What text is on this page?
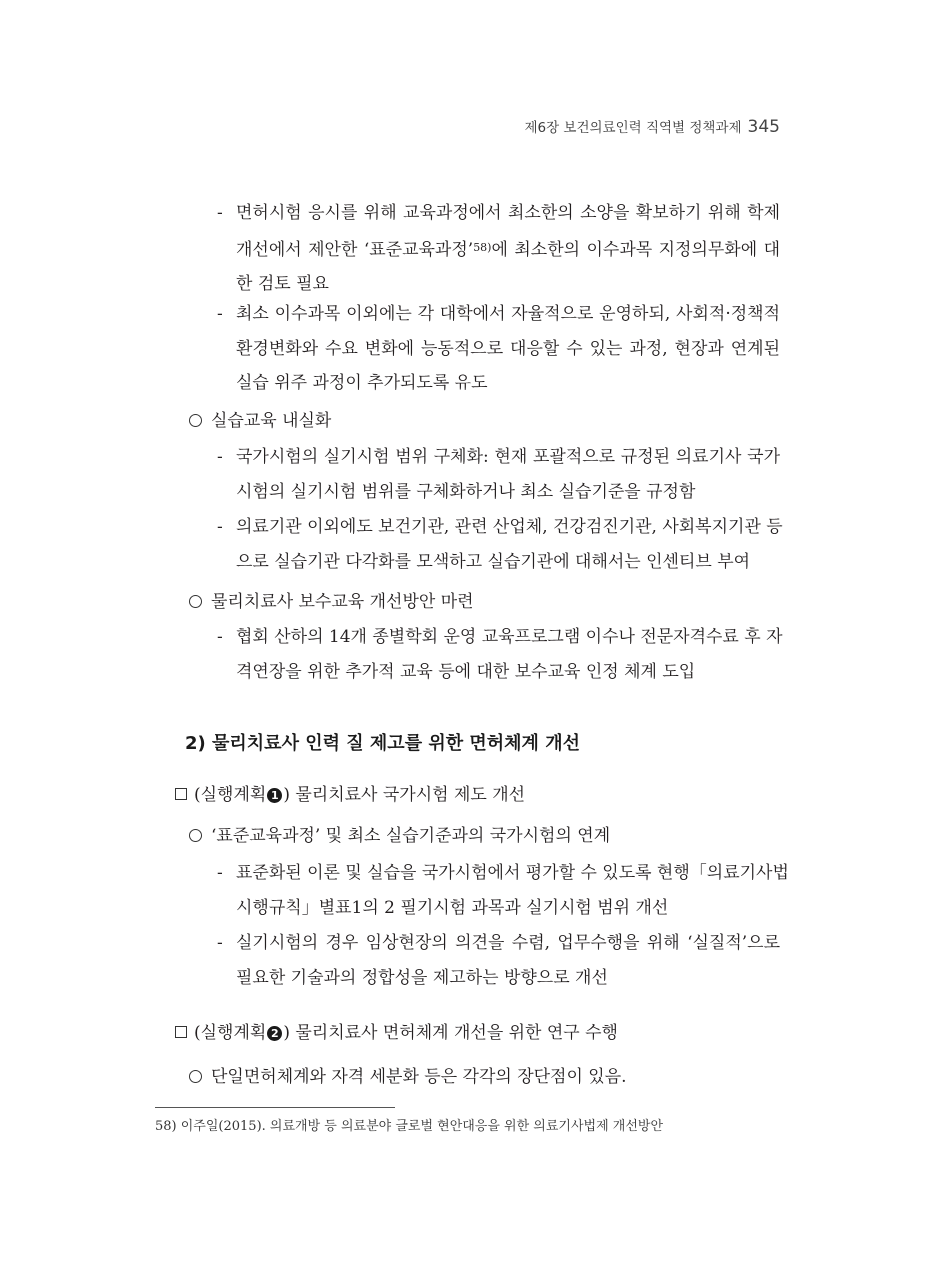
제6장 보건의료인력 직역별 정책과제 345
- 면허시험 응시를 위해 교육과정에서 최소한의 소양을 확보하기 위해 학제
개선에서 제안한 ‘표준교육과정’$^{58)}$에 최소한의 이수과목 지정의무화에 대
한 검토 필요
- 최소 이수과목 이외에는 각 대학에서 자율적으로 운영하되, 사회적·정책적
환경변화와 수요 변화에 능동적으로 대응할 수 있는 과정, 현장과 연계된
실습 위주 과정이 추가되도록 유도
실습교육 내실화
- 국가시험의 실기시험 범위 구체화: 현재 포괄적으로 규정된 의료기사 국가
시험의 실기시험 범위를 구체화하거나 최소 실습기준을 규정함
- 의료기관 이외에도 보건기관, 관련 산업체, 건강검진기관, 사회복지기관 등
으로 실습기관 다각화를 모색하고 실습기관에 대해서는 인센티브 부여
물리치료사 보수교육 개선방안 마련
- 협회 산하의 14개 종별학회 운영 교육프로그램 이수나 전문자격수료 후 자
격연장을 위한 추가적 교육 등에 대한 보수교육 인정 체계 도입
2) 물리치료사 인력 질 제고를 위한 면허체계 개선
(실행계획 1 ) 물리치료사 국가시험 제도 개선
‘표준교육과정’ 및 최소 실습기준과의 국가시험의 연계
- 표준화된 이론 및 실습을 국가시험에서 평가할 수 있도록 현행「의료기사법
시행규칙」별표1의 2 필기시험 과목과 실기시험 범위 개선
- 실기시험의 경우 임상현장의 의견을 수렴, 업무수행을 위해 ‘실질적’으로
필요한 기술과의 정합성을 제고하는 방향으로 개선
(실행계획 2 ) 물리치료사 면허체계 개선을 위한 연구 수행
단일면허체계와 자격 세분화 등은 각각의 장단점이 있음.
58) 이주일(2015). 의료개방 등 의료분야 글로벌 현안대응을 위한 의료기사법제 개선방안
